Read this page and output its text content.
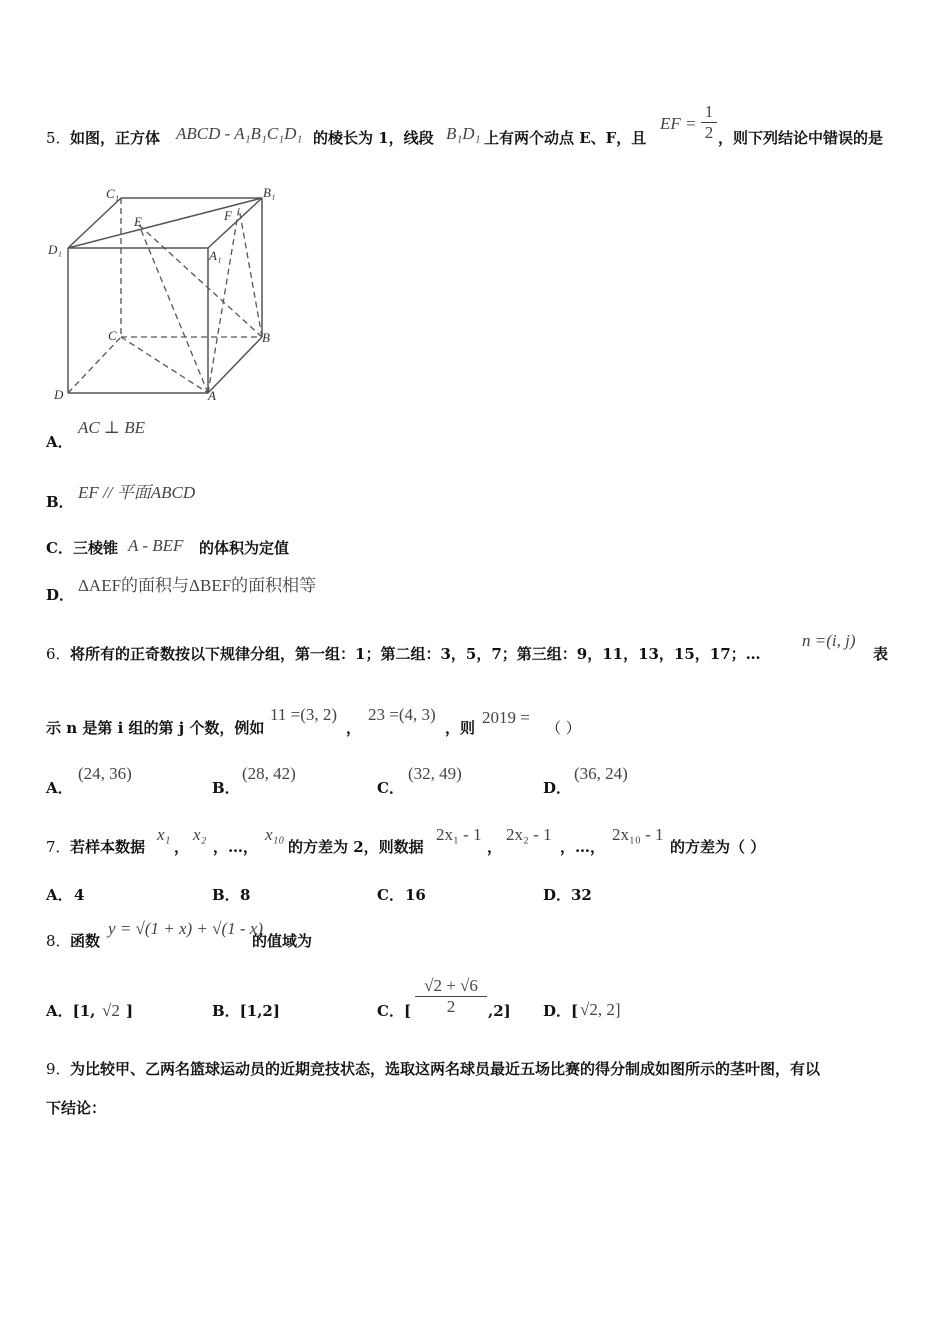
5． 如图，正方体 ABCD - A₁B₁C₁D₁ 的棱长为 1，线段 B₁D₁ 上有两个动点 E、F，且
EF = $\frac{1}{2}$ ，则下列结论中错误的是
C₁	B₁
E	F
D₁	A₁
C	B
D	A
A．
AC ⊥ BE
B． EF // 平面ABCD
C．三棱锥 A - BEF 的体积为定值
D． ΔAEF的面积与ΔBEF的面积相等
6． 将所有的正奇数按以下规律分组，第一组：1；第二组：3，5，7；第三组：9，11，13，15，17；…
n =(i, j)
表
示 n 是第 i 组的第 j 个数，例如
11 =(3, 2)
，
23 =(4, 3)
，则
2019 =
（ ）
A．
(24, 36)
B．
(28, 42)
C．
(32, 49)
D．
(36, 24)
7． 若样本数据
x₁
，
x₂
，…，
x₁₀
的方差为 2，则数据
2x₁ - 1
，
2x₂ - 1
，…，
2x₁₀ - 1
的方差为（ ）
A． 4	B． 8	C． 16	D． 32
8． 函数
y = √(1 + x) + √(1 - x)
的值域为
A．[1, √2 ]	B．[1,2]	C．[ $\frac{√2 + √6}{2} ,2$] D．[ √2, 2]
9． 为比较甲、乙两名篮球运动员的近期竞技状态，选取这两名球员最近五场比赛的得分制成如图所示的茎叶图，有以
下结论：
